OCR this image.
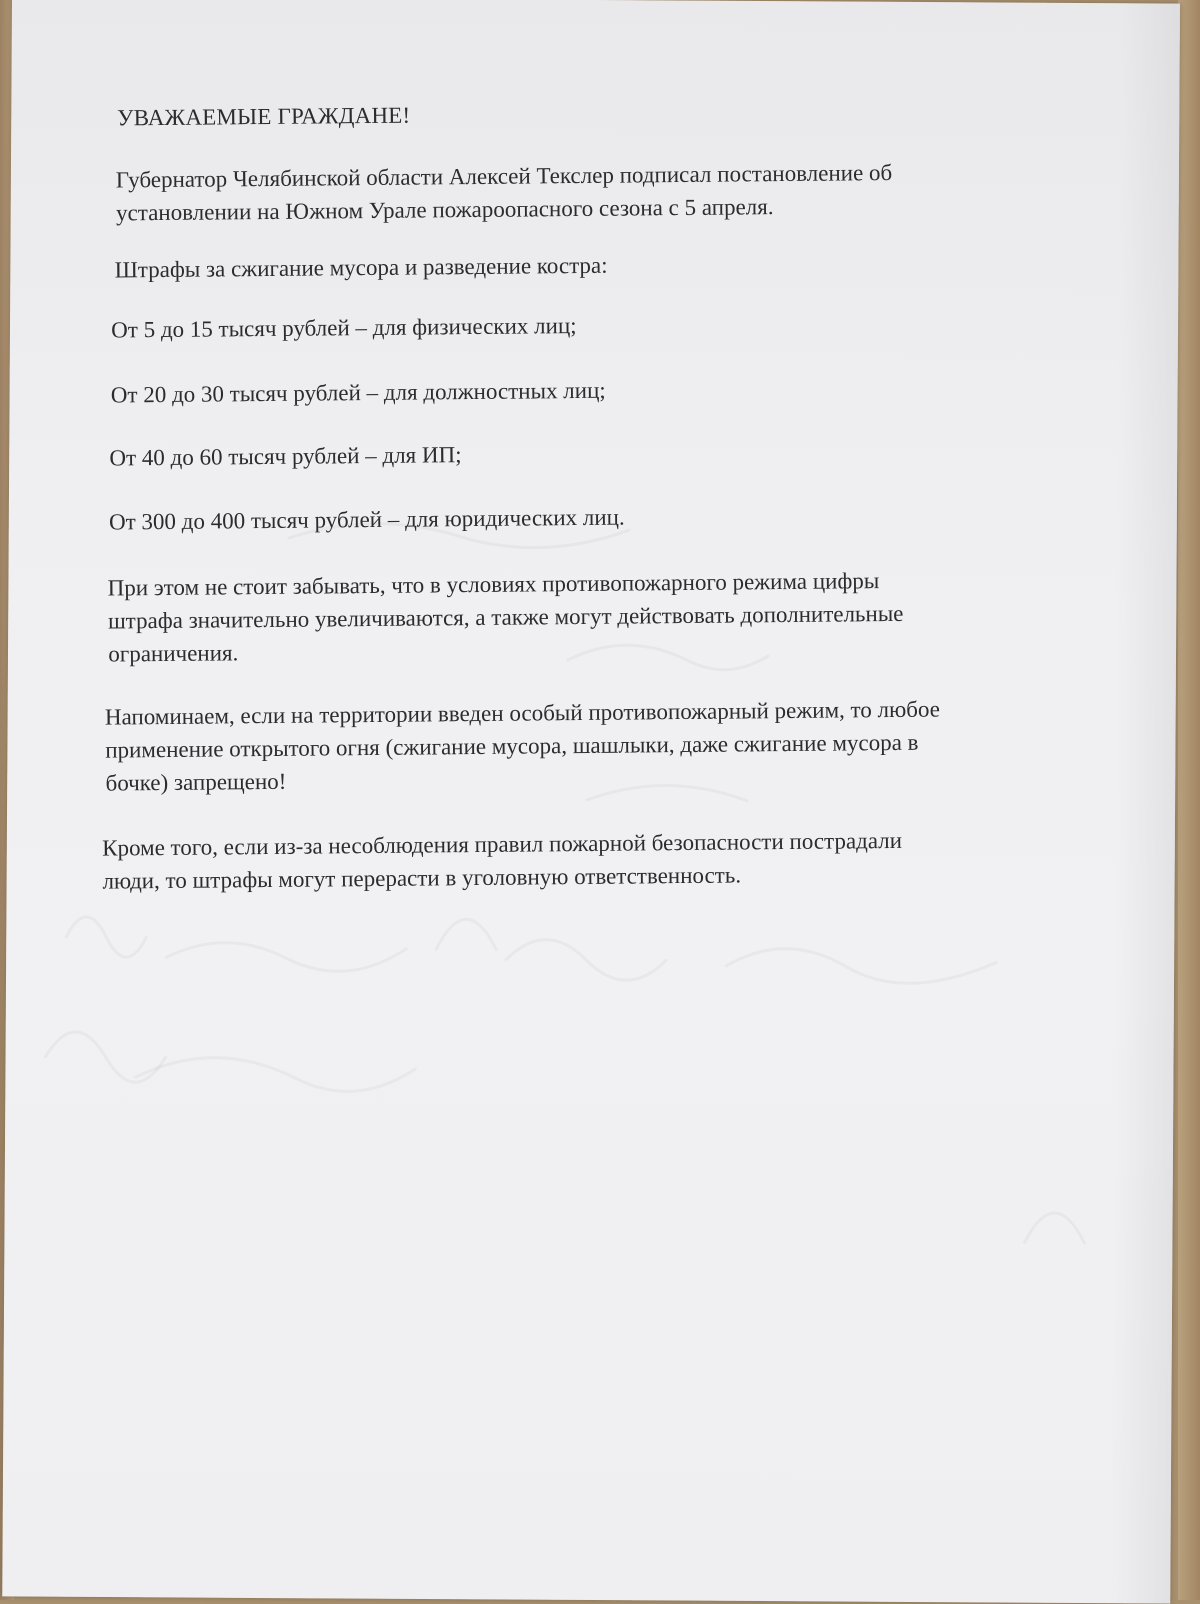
УВАЖАЕМЫЕ ГРАЖДАНЕ!

Губернатор Челябинской области Алексей Текслер подписал постановление об
установлении на Южном Урале пожароопасного сезона с 5 апреля.

Штрафы за сжигание мусора и разведение костра:

От 5 до 15 тысяч рублей – для физических лиц;

От 20 до 30 тысяч рублей – для должностных лиц;

От 40 до 60 тысяч рублей – для ИП;

От 300 до 400 тысяч рублей – для юридических лиц.

При этом не стоит забывать, что в условиях противопожарного режима цифры
штрафа значительно увеличиваются, а также могут действовать дополнительные
ограничения.
Напоминаем, если на территории введен особый противопожарный режим, то любое
применение открытого огня (сжигание мусора, шашлыки, даже сжигание мусора в
бочке) запрещено!
Кроме того, если из-за несоблюдения правил пожарной безопасности пострадали
люди, то штрафы могут перерасти в уголовную ответственность.
